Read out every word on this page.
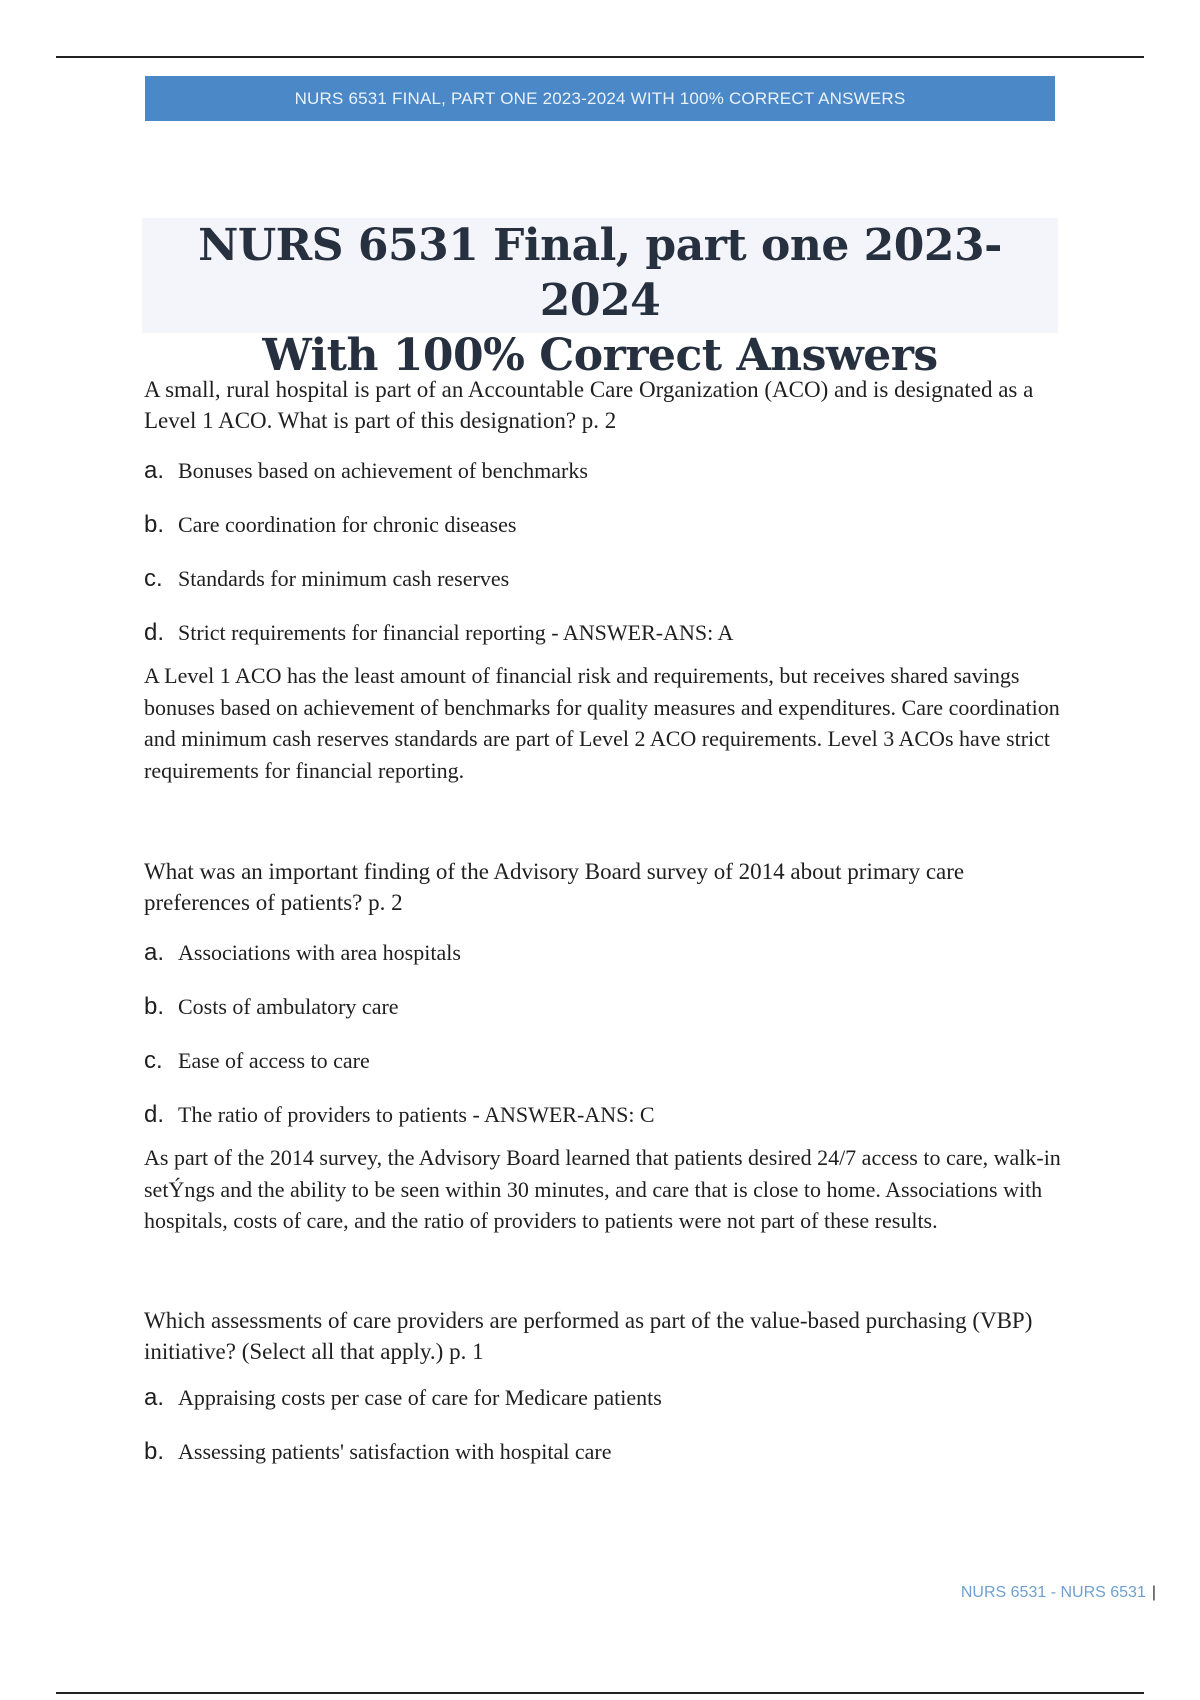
NURS 6531 FINAL, PART ONE 2023-2024 WITH 100% CORRECT ANSWERS
NURS 6531 Final, part one 2023-2024
With 100% Correct Answers

A small, rural hospital is part of an Accountable Care Organization (ACO) and is designated as a Level 1 ACO. What is part of this designation? p. 2

a. Bonuses based on achievement of benchmarks
b. Care coordination for chronic diseases
c. Standards for minimum cash reserves
d. Strict requirements for financial reporting - ANSWER-ANS: A

A Level 1 ACO has the least amount of financial risk and requirements, but receives shared savings bonuses based on achievement of benchmarks for quality measures and expenditures. Care coordination and minimum cash reserves standards are part of Level 2 ACO requirements. Level 3 ACOs have strict requirements for financial reporting.

What was an important finding of the Advisory Board survey of 2014 about primary care preferences of patients? p. 2

a. Associations with area hospitals
b. Costs of ambulatory care
c. Ease of access to care
d. The ratio of providers to patients - ANSWER-ANS: C

As part of the 2014 survey, the Advisory Board learned that patients desired 24/7 access to care, walk-in setÝngs and the ability to be seen within 30 minutes, and care that is close to home. Associations with hospitals, costs of care, and the ratio of providers to patients were not part of these results.

Which assessments of care providers are performed as part of the value-based purchasing (VBP) initiative? (Select all that apply.) p. 1

a. Appraising costs per case of care for Medicare patients
b. Assessing patients' satisfaction with hospital care
NURS 6531 - NURS 6531 |
